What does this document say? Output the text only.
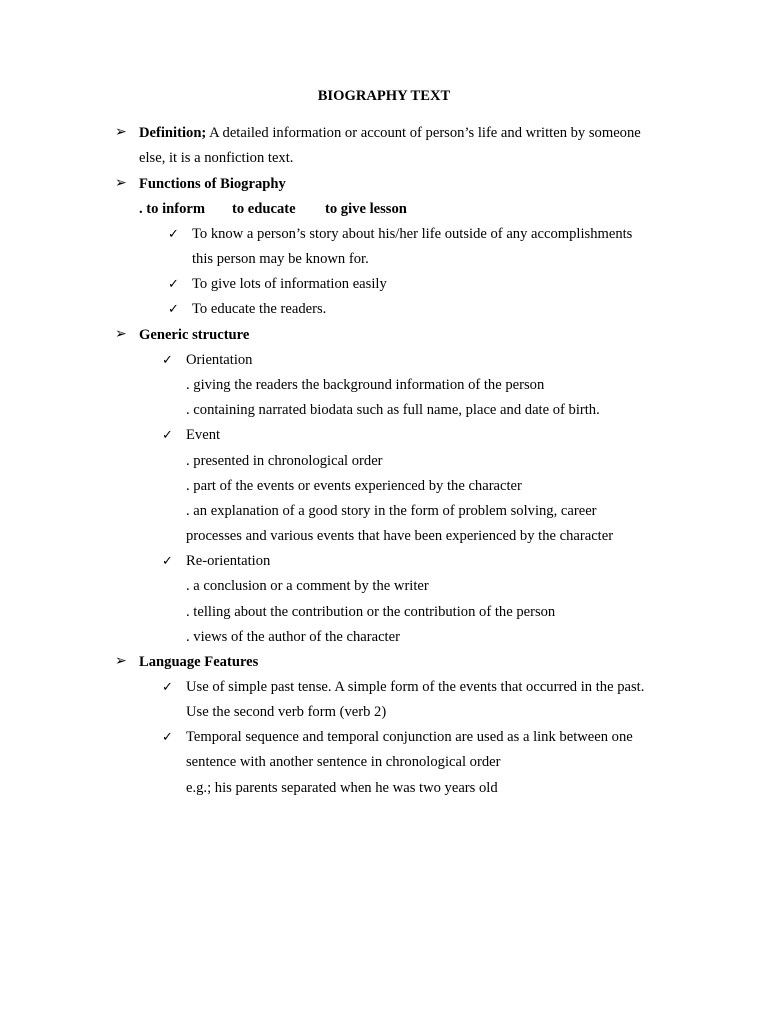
BIOGRAPHY TEXT
➢ Definition; A detailed information or account of person’s life and written by someone
else, it is a nonfiction text.
➢ Functions of Biography
. to inform to educate to give lesson
✓ To know a person’s story about his/her life outside of any accomplishments
this person may be known for.
✓ To give lots of information easily
✓ To educate the readers.
➢ Generic structure
✓ Orientation
. giving the readers the background information of the person
. containing narrated biodata such as full name, place and date of birth.
✓ Event
. presented in chronological order
. part of the events or events experienced by the character
. an explanation of a good story in the form of problem solving, career
processes and various events that have been experienced by the character
✓ Re-orientation
. a conclusion or a comment by the writer
. telling about the contribution or the contribution of the person
. views of the author of the character
➢ Language Features
✓ Use of simple past tense. A simple form of the events that occurred in the past.
Use the second verb form (verb 2)
✓ Temporal sequence and temporal conjunction are used as a link between one
sentence with another sentence in chronological order
e.g.; his parents separated when he was two years old
